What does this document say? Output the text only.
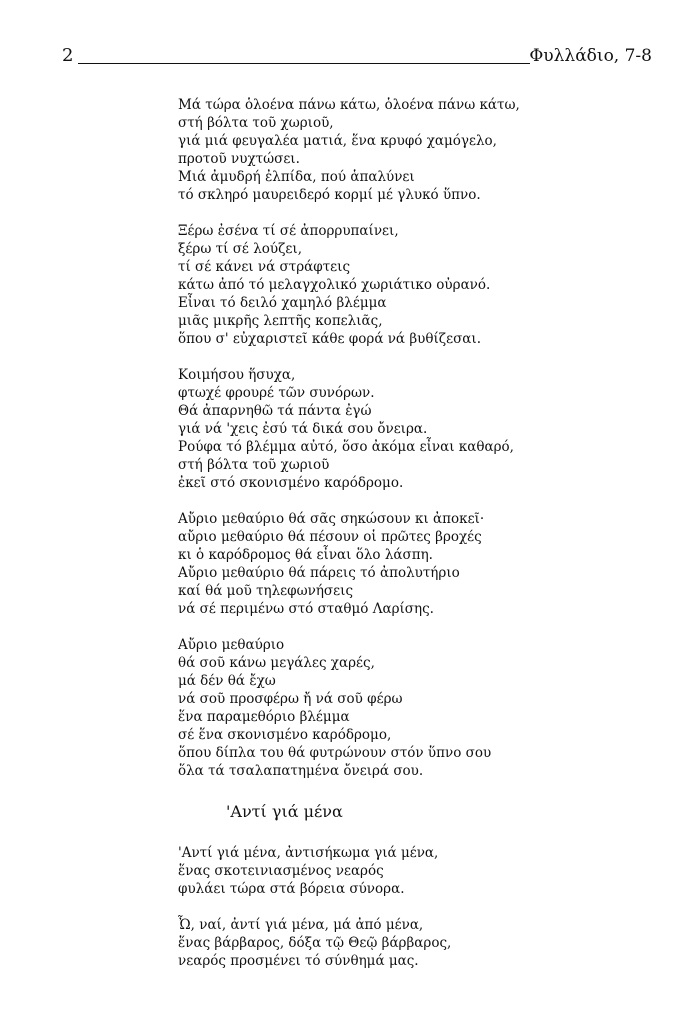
2	Φυλλάδιο, 7-8
Μά τώρα ὁλοένα πάνω κάτω, ὁλοένα πάνω κάτω,
στή βόλτα τοῦ χωριοῦ,
γιά μιά φευγαλέα ματιά, ἕνα κρυφό χαμόγελο,
προτοῦ νυχτώσει.
Μιά ἀμυδρή ἐλπίδα, πού ἁπαλύνει
τό σκληρό μαυρειδερό κορμί μέ γλυκό ὕπνο.
Ξέρω ἐσένα τί σέ ἀπορρυπαίνει,
ξέρω τί σέ λούζει,
τί σέ κάνει νά στράφτεις
κάτω ἀπό τό μελαγχολικό χωριάτικο οὐρανό.
Εἶναι τό δειλό χαμηλό βλέμμα
μιᾶς μικρῆς λεπτῆς κοπελιᾶς,
ὅπου σ' εὐχαριστεῖ κάθε φορά νά βυθίζεσαι.
Κοιμήσου ἥσυχα,
φτωχέ φρουρέ τῶν συνόρων.
Θά ἀπαρνηθῶ τά πάντα ἐγώ
γιά νά 'χεις ἐσύ τά δικά σου ὄνειρα.
Ρούφα τό βλέμμα αὐτό, ὅσο ἀκόμα εἶναι καθαρό,
στή βόλτα τοῦ χωριοῦ
ἐκεῖ στό σκονισμένο καρόδρομο.
Αὔριο μεθαύριο θά σᾶς σηκώσουν κι ἀποκεῖ·
αὔριο μεθαύριο θά πέσουν οἱ πρῶτες βροχές
κι ὁ καρόδρομος θά εἶναι ὅλο λάσπη.
Αὔριο μεθαύριο θά πάρεις τό ἀπολυτήριο
καί θά μοῦ τηλεφωνήσεις
νά σέ περιμένω στό σταθμό Λαρίσης.
Αὔριο μεθαύριο
θά σοῦ κάνω μεγάλες χαρές,
μά δέν θά ἔχω
νά σοῦ προσφέρω ἤ νά σοῦ φέρω
ἕνα παραμεθόριο βλέμμα
σέ ἕνα σκονισμένο καρόδρομο,
ὅπου δίπλα του θά φυτρώνουν στόν ὕπνο σου
ὅλα τά τσαλαπατημένα ὄνειρά σου.
'Αντί γιά μένα
'Αντί γιά μένα, ἀντισήκωμα γιά μένα,
ἕνας σκοτεινιασμένος νεαρός
φυλάει τώρα στά βόρεια σύνορα.
Ὦ, ναί, ἀντί γιά μένα, μά ἀπό μένα,
ἕνας βάρβαρος, δόξα τῷ Θεῷ βάρβαρος,
νεαρός προσμένει τό σύνθημά μας.
